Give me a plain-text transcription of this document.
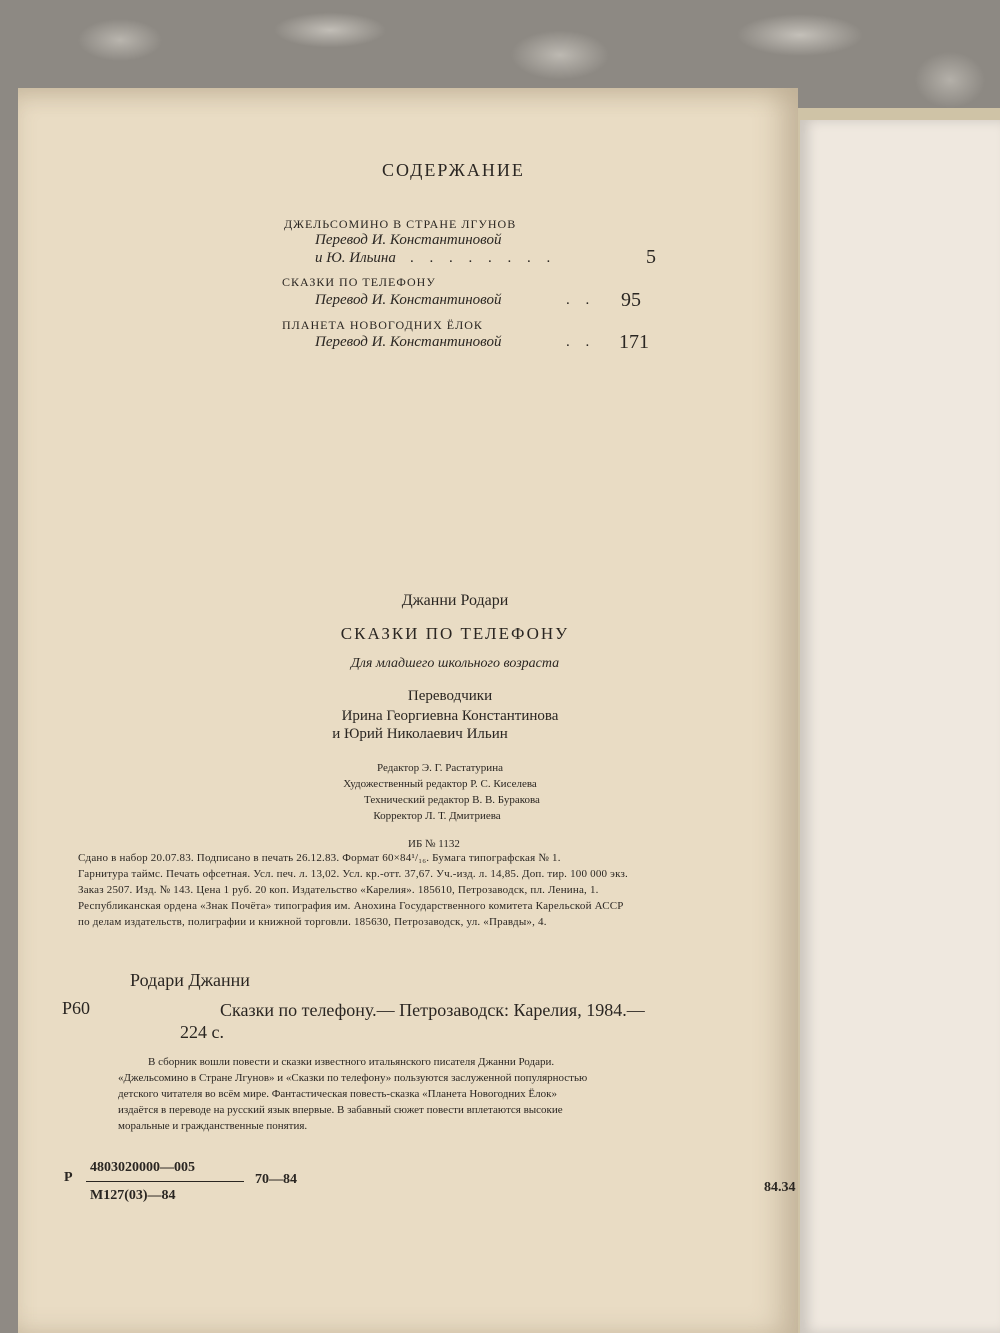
СОДЕРЖАНИЕ
ДЖЕЛЬСОМИНО В СТРАНЕ ЛГУНОВ
Перевод И. Константиновой
и Ю. Ильина . . . . . . . .	5
СКАЗКИ ПО ТЕЛЕФОНУ
Перевод И. Константиновой	. . 95
ПЛАНЕТА НОВОГОДНИХ ЁЛОК
Перевод И. Константиновой	. . 171
Джанни Родари
СКАЗКИ ПО ТЕЛЕФОНУ
Для младшего школьного возраста
Переводчики
Ирина Георгиевна Константинова
и Юрий Николаевич Ильин
Редактор Э. Г. Растатурина
Художественный редактор Р. С. Киселева
Технический редактор В. В. Буракова
Корректор Л. Т. Дмитриева
ИБ № 1132
Сдано в набор 20.07.83. Подписано в печать 26.12.83. Формат 60×84¹/₁₆. Бумага типографская № 1.
Гарнитура таймс. Печать офсетная. Усл. печ. л. 13,02. Усл. кр.-отт. 37,67. Уч.-изд. л. 14,85. Доп. тир. 100 000 экз.
Заказ 2507. Изд. № 143. Цена 1 руб. 20 коп. Издательство «Карелия». 185610, Петрозаводск, пл. Ленина, 1.
Республиканская ордена «Знак Почёта» типография им. Анохина Государственного комитета Карельской АССР
по делам издательств, полиграфии и книжной торговли. 185630, Петрозаводск, ул. «Правды», 4.
Родари Джанни
Р60	Сказки по телефону.— Петрозаводск: Карелия, 1984.—
224 с.
В сборник вошли повести и сказки известного итальянского писателя Джанни Родари.
«Джельсомино в Стране Лгунов» и «Сказки по телефону» пользуются заслуженной популярностью
детского читателя во всём мире. Фантастическая повесть-сказка «Планета Новогодних Ёлок»
издаётся в переводе на русский язык впервые. В забавный сюжет повести вплетаются высокие
моральные и гражданственные понятия.
Р
4803020000—005
М127(03)—84
70—84
84.34
